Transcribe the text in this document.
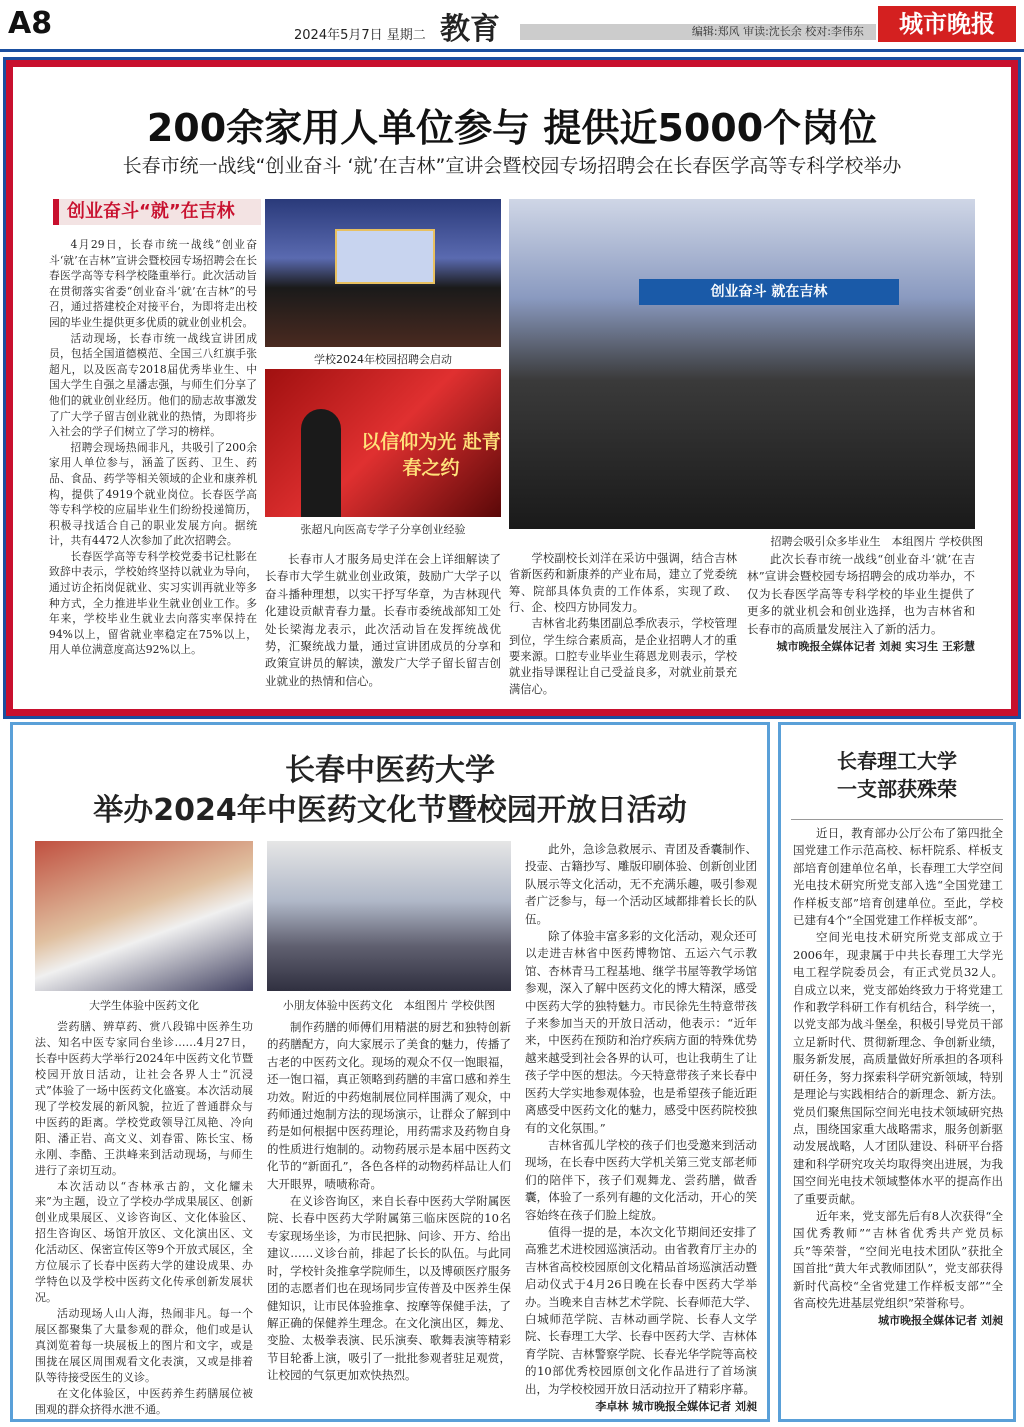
A8	2024年5月7日 星期二 教育	编辑:郑风 审读:沈长余 校对:李伟东	城市晚报
200余家用人单位参与 提供近5000个岗位
长春市统一战线“创业奋斗 ‘就’在吉林”宣讲会暨校园专场招聘会在长春医学高等专科学校举办
创业奋斗“就”在吉林

4月29日，长春市统一战线“创业奋斗‘就’在吉林”宣讲会暨校园专场招聘会在长春医学高等专科学校隆重举行。此次活动旨在贯彻落实省委“创业奋斗‘就’在吉林”的号召，通过搭建校企对接平台，为即将走出校园的毕业生提供更多优质的就业创业机会。

活动现场，长春市统一战线宣讲团成员，包括全国道德模范、全国三八红旗手张超凡，以及医高专2018届优秀毕业生、中国大学生自强之星潘志强，与师生们分享了他们的就业创业经历。他们的励志故事激发了广大学子留吉创业就业的热情，为即将步入社会的学子们树立了学习的榜样。

招聘会现场热闹非凡，共吸引了200余家用人单位参与，涵盖了医药、卫生、药品、食品、药学等相关领域的企业和康养机构，提供了4919个就业岗位。长春医学高等专科学校的应届毕业生们纷纷投递简历，积极寻找适合自己的职业发展方向。据统计，共有4472人次参加了此次招聘会。

长春医学高等专科学校党委书记杜影在致辞中表示，学校始终坚持以就业为导向，通过访企拓岗促就业、实习实训再就业等多种方式，全力推进毕业生就业创业工作。多年来，学校毕业生就业去向落实率保持在94%以上，留省就业率稳定在75%以上，用人单位满意度高达92%以上。

学校2024年校园招聘会启动
以信仰为光 赴青春之约
张超凡向医高专学子分享创业经验
创业奋斗 就在吉林
招聘会吸引众多毕业生　本组图片 学校供图

长春市人才服务局史洋在会上详细解读了长春市大学生就业创业政策，鼓励广大学子以奋斗播种理想，以实干抒写华章，为吉林现代化建设贡献青春力量。长春市委统战部知工处处长梁海龙表示，此次活动旨在发挥统战优势，汇聚统战力量，通过宣讲团成员的分享和政策宣讲员的解读，激发广大学子留长留吉创业就业的热情和信心。

学校副校长刘洋在采访中强调，结合吉林省新医药和新康养的产业布局，建立了党委统筹、院部具体负责的工作体系，实现了政、行、企、校四方协同发力。

吉林省北药集团副总季欣表示，学校管理到位，学生综合素质高，是企业招聘人才的重要来源。口腔专业毕业生蒋恩龙则表示，学校就业指导课程让自己受益良多，对就业前景充满信心。

此次长春市统一战线“创业奋斗‘就’在吉林”宣讲会暨校园专场招聘会的成功举办，不仅为长春医学高等专科学校的毕业生提供了更多的就业机会和创业选择，也为吉林省和长春市的高质量发展注入了新的活力。

城市晚报全媒体记者 刘昶 实习生 王彩慧

长春中医药大学
举办2024年中医药文化节暨校园开放日活动
大学生体验中医药文化	小朋友体验中医药文化　本组图片 学校供图

尝药膳、辨草药、赏八段锦中医养生功法、知名中医专家同台坐诊……4月27日，长春中医药大学举行2024年中医药文化节暨校园开放日活动，让社会各界人士“沉浸式”体验了一场中医药文化盛宴。本次活动展现了学校发展的新风貌，拉近了普通群众与中医药的距离。学校党政领导江凤艳、冷向阳、潘正岩、高文义、刘春雷、陈长宝、杨永刚、李酷、王洪峰来到活动现场，与师生进行了亲切互动。

本次活动以“杏林承古韵，文化耀未来”为主题，设立了学校办学成果展区、创新创业成果展区、义诊咨询区、文化体验区、招生咨询区、场馆开放区、文化演出区、文化活动区、保密宣传区等9个开放式展区，全方位展示了长春中医药大学的建设成果、办学特色以及学校中医药文化传承创新发展状况。

活动现场人山人海，热闹非凡。每一个展区都聚集了大量参观的群众，他们或是认真浏览着每一块展板上的图片和文字，或是围拢在展区周围观看文化表演，又或是排着队等待接受医生的义诊。

在文化体验区，中医药养生药膳展位被围观的群众挤得水泄不通。

制作药膳的师傅们用精湛的厨艺和独特创新的药膳配方，向大家展示了美食的魅力，传播了古老的中医药文化。现场的观众不仅一饱眼福，还一饱口福，真正领略到药膳的丰富口感和养生功效。附近的中药炮制展位同样围满了观众，中药师通过炮制方法的现场演示，让群众了解到中药是如何根据中医药理论，用药需求及药物自身的性质进行炮制的。动物药展示是本届中医药文化节的“新面孔”，各色各样的动物药样品让人们大开眼界，啧啧称奇。

在义诊咨询区，来自长春中医药大学附属医院、长春中医药大学附属第三临床医院的10名专家现场坐诊，为市民把脉、问诊、开方、给出建议……义诊台前，排起了长长的队伍。与此同时，学校针灸推拿学院师生，以及博硕医疗服务团的志愿者们也在现场同步宣传普及中医养生保健知识，让市民体验推拿、按摩等保健手法，了解正确的保健养生理念。在文化演出区，舞龙、变脸、太极拳表演、民乐演奏、歌舞表演等精彩节目轮番上演，吸引了一批批参观者驻足观赏，让校园的气氛更加欢快热烈。

此外，急诊急救展示、青团及香囊制作、投壶、古籍抄写、雕版印刷体验、创新创业团队展示等文化活动，无不充满乐趣，吸引参观者广泛参与，每一个活动区域都排着长长的队伍。

除了体验丰富多彩的文化活动，观众还可以走进吉林省中医药博物馆、五运六气示教馆、杏林青马工程基地、继学书屋等教学场馆参观，深入了解中医药文化的博大精深，感受中医药大学的独特魅力。市民徐先生特意带孩子来参加当天的开放日活动，他表示：“近年来，中医药在预防和治疗疾病方面的特殊优势越来越受到社会各界的认可，也让我萌生了让孩子学中医的想法。今天特意带孩子来长春中医药大学实地参观体验，也是希望孩子能近距离感受中医药文化的魅力，感受中医药院校独有的文化氛围。”

吉林省孤儿学校的孩子们也受邀来到活动现场，在长春中医药大学机关第三党支部老师们的陪伴下，孩子们观舞龙、尝药膳，做香囊，体验了一系列有趣的文化活动，开心的笑容始终在孩子们脸上绽放。

值得一提的是，本次文化节期间还安排了高雅艺术进校园巡演活动。由省教育厅主办的吉林省高校校园原创文化精品首场巡演活动暨启动仪式于4月26日晚在长春中医药大学举办。当晚来自吉林艺术学院、长春师范大学、白城师范学院、吉林动画学院、长春人文学院、长春理工大学、长春中医药大学、吉林体育学院、吉林警察学院、长春光华学院等高校的10部优秀校园原创文化作品进行了首场演出，为学校校园开放日活动拉开了精彩序幕。

李卓林 城市晚报全媒体记者 刘昶

长春理工大学
一支部获殊荣

近日，教育部办公厅公布了第四批全国党建工作示范高校、标杆院系、样板支部培育创建单位名单，长春理工大学空间光电技术研究所党支部入选“全国党建工作样板支部”培育创建单位。至此，学校已建有4个“全国党建工作样板支部”。

空间光电技术研究所党支部成立于2006年，现隶属于中共长春理工大学光电工程学院委员会，有正式党员32人。自成立以来，党支部始终致力于将党建工作和教学科研工作有机结合，科学统一，以党支部为战斗堡垒，积极引导党员干部立足新时代、贯彻新理念、争创新业绩，服务新发展，高质量做好所承担的各项科研任务，努力探索科学研究新领域，特别是理论与实践相结合的新理念、新方法。党员们聚焦国际空间光电技术领域研究热点，围绕国家重大战略需求，服务创新驱动发展战略，人才团队建设、科研平台搭建和科学研究攻关均取得突出进展，为我国空间光电技术领域整体水平的提高作出了重要贡献。

近年来，党支部先后有8人次获得“全国优秀教师”“吉林省优秀共产党员标兵”等荣誉，“空间光电技术团队”获批全国首批“黄大年式教师团队”，党支部获得新时代高校“全省党建工作样板支部”“全省高校先进基层党组织”荣誉称号。

城市晚报全媒体记者 刘昶
